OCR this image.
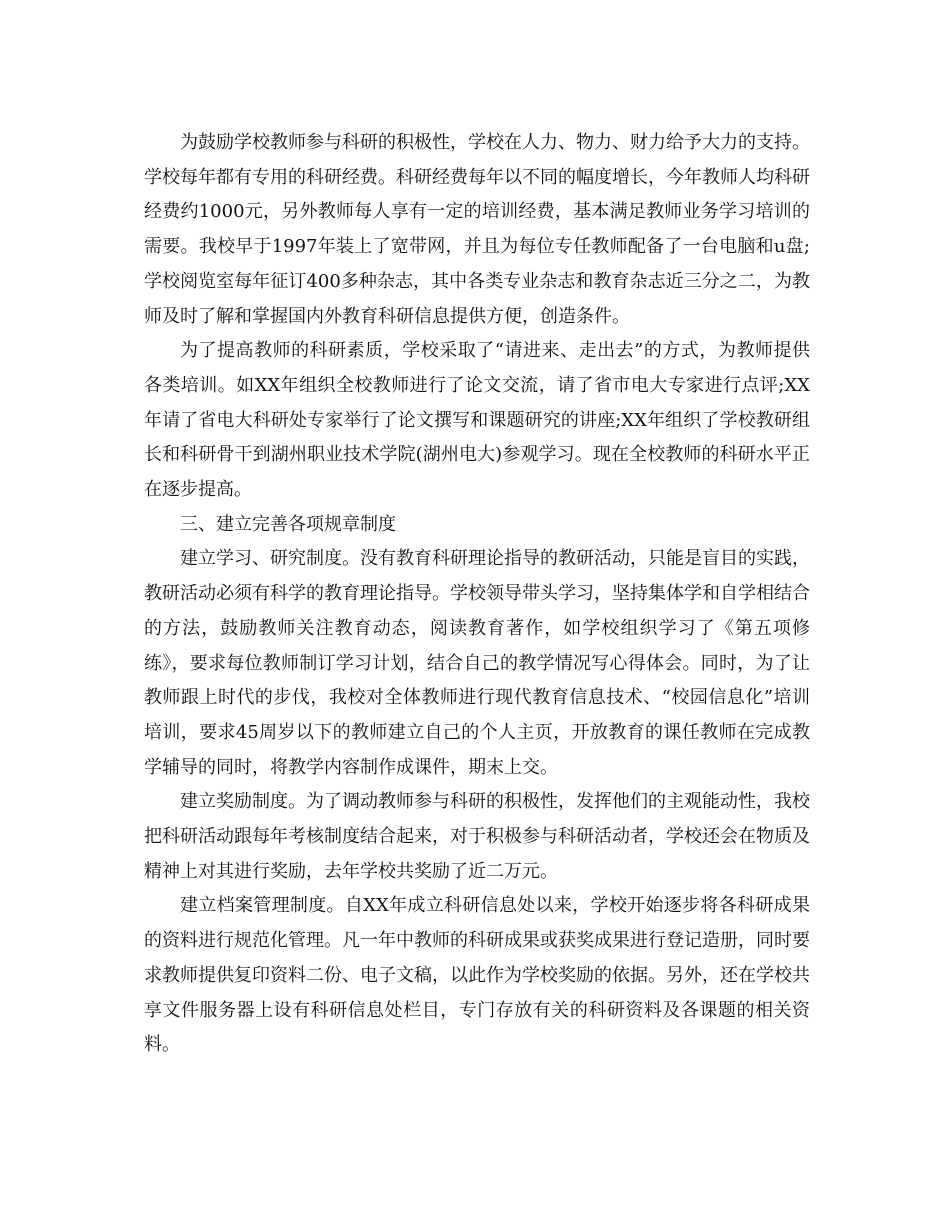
为鼓励学校教师参与科研的积极性，学校在人力、物力、财力给予大力的支持。学校每年都有专用的科研经费。科研经费每年以不同的幅度增长，今年教师人均科研经费约1000元，另外教师每人享有一定的培训经费，基本满足教师业务学习培训的需要。我校早于1997年装上了宽带网，并且为每位专任教师配备了一台电脑和u盘;学校阅览室每年征订400多种杂志，其中各类专业杂志和教育杂志近三分之二，为教师及时了解和掌握国内外教育科研信息提供方便，创造条件。

为了提高教师的科研素质，学校采取了“请进来、走出去”的方式，为教师提供各类培训。如XX年组织全校教师进行了论文交流，请了省市电大专家进行点评;XX年请了省电大科研处专家举行了论文撰写和课题研究的讲座;XX年组织了学校教研组长和科研骨干到湖州职业技术学院(湖州电大)参观学习。现在全校教师的科研水平正在逐步提高。

三、建立完善各项规章制度

建立学习、研究制度。没有教育科研理论指导的教研活动，只能是盲目的实践，教研活动必须有科学的教育理论指导。学校领导带头学习，坚持集体学和自学相结合的方法，鼓励教师关注教育动态，阅读教育著作，如学校组织学习了《第五项修练》，要求每位教师制订学习计划，结合自己的教学情况写心得体会。同时，为了让教师跟上时代的步伐，我校对全体教师进行现代教育信息技术、“校园信息化”培训培训，要求45周岁以下的教师建立自己的个人主页，开放教育的课任教师在完成教学辅导的同时，将教学内容制作成课件，期末上交。

建立奖励制度。为了调动教师参与科研的积极性，发挥他们的主观能动性，我校把科研活动跟每年考核制度结合起来，对于积极参与科研活动者，学校还会在物质及精神上对其进行奖励，去年学校共奖励了近二万元。

建立档案管理制度。自XX年成立科研信息处以来，学校开始逐步将各科研成果的资料进行规范化管理。凡一年中教师的科研成果或获奖成果进行登记造册，同时要求教师提供复印资料二份、电子文稿，以此作为学校奖励的依据。另外，还在学校共享文件服务器上设有科研信息处栏目，专门存放有关的科研资料及各课题的相关资料。
